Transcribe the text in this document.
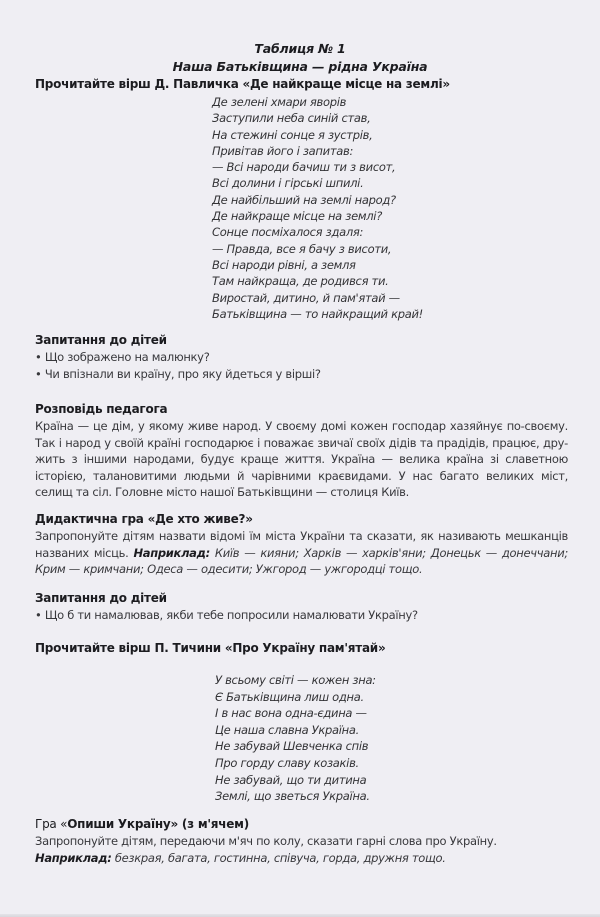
Таблиця № 1
Наша Батьківщина — рідна Україна
Прочитайте вірш Д. Павличка «Де найкраще місце на землі»
Де зелені хмари яворів
Заступили неба синій став,
На стежині сонце я зустрів,
Привітав його і запитав:
— Всі народи бачиш ти з висот,
Всі долини і гірські шпилі.
Де найбільший на землі народ?
Де найкраще місце на землі?
Сонце посміхалося здаля:
— Правда, все я бачу з висоти,
Всі народи рівні, а земля
Там найкраща, де родився ти.
Виростай, дитино, й пам'ятай —
Батьківщина — то найкращий край!
Запитання до дітей
• Що зображено на малюнку?
• Чи впізнали ви країну, про яку йдеться у вірші?
Розповідь педагога
Країна — це дім, у якому живе народ. У своєму домі кожен господар хазяйнує по-своєму.
Так і народ у своїй країні господарює і поважає звичаї своїх дідів та прадідів, працює, дру-
жить з іншими народами, будує краще життя. Україна — велика країна зі славетною
історією, талановитими людьми й чарівними краєвидами. У нас багато великих міст,
селищ та сіл. Головне місто нашої Батьківщини — столиця Київ.
Дидактична гра «Де хто живе?»
Запропонуйте дітям назвати відомі їм міста України та сказати, як називають мешканців
названих місць. Наприклад: Київ — кияни; Харків — харків'яни; Донецьк — донеччани;
Крим — кримчани; Одеса — одесити; Ужгород — ужгородці тощо.
Запитання до дітей
• Що б ти намалював, якби тебе попросили намалювати Україну?
Прочитайте вірш П. Тичини «Про Україну пам'ятай»
У всьому світі — кожен зна:
Є Батьківщина лиш одна.
І в нас вона одна-єдина —
Це наша славна Україна.
Не забувай Шевченка спів
Про горду славу козаків.
Не забувай, що ти дитина
Землі, що зветься Україна.
Гра «Опиши Україну» (з м'ячем)
Запропонуйте дітям, передаючи м'яч по колу, сказати гарні слова про Україну.
Наприклад: безкрая, багата, гостинна, співуча, горда, дружня тощо.
